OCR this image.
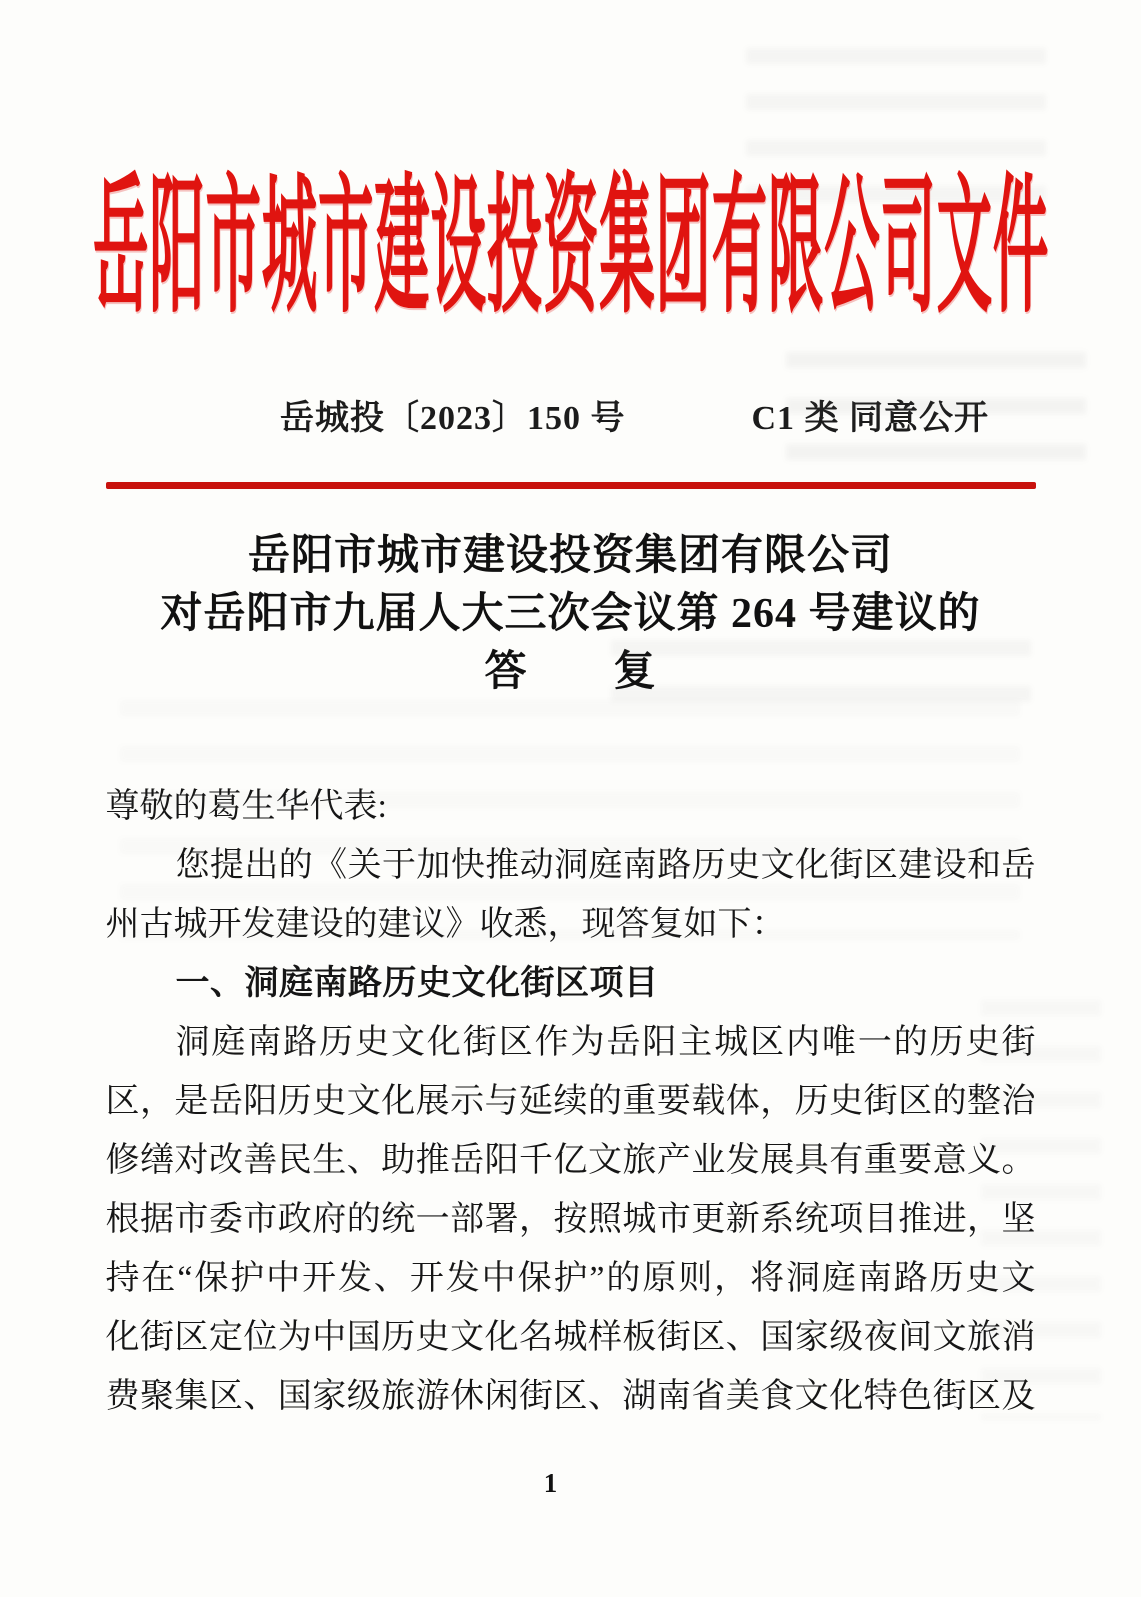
岳阳市城市建设投资集团有限公司文件
岳城投〔2023〕150 号	C1 类 同意公开
岳阳市城市建设投资集团有限公司
对岳阳市九届人大三次会议第 264 号建议的
答　　复
尊敬的葛生华代表:
您提出的《关于加快推动洞庭南路历史文化街区建设和岳
州古城开发建设的建议》收悉，现答复如下：
一、洞庭南路历史文化街区项目
洞庭南路历史文化街区作为岳阳主城区内唯一的历史街
区，是岳阳历史文化展示与延续的重要载体，历史街区的整治
修缮对改善民生、助推岳阳千亿文旅产业发展具有重要意义。
根据市委市政府的统一部署，按照城市更新系统项目推进，坚
持在“保护中开发、开发中保护”的原则，将洞庭南路历史文
化街区定位为中国历史文化名城样板街区、国家级夜间文旅消
费聚集区、国家级旅游休闲街区、湖南省美食文化特色街区及
1
